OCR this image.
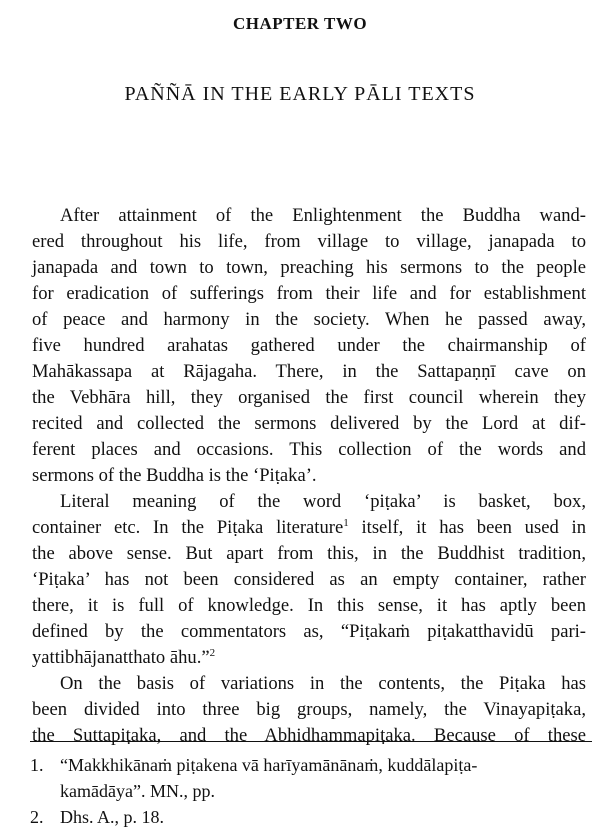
CHAPTER TWO
PAÑÑĀ IN THE EARLY PĀLI TEXTS
After attainment of the Enlightenment the Buddha wand-
ered throughout his life, from village to village, janapada to
janapada and town to town, preaching his sermons to the people
for eradication of sufferings from their life and for establishment
of peace and harmony in the society. When he passed away,
five hundred arahatas gathered under the chairmanship of
Mahākassapa at Rājagaha. There, in the Sattapaṇṇī cave on
the Vebhāra hill, they organised the first council wherein they
recited and collected the sermons delivered by the Lord at dif-
ferent places and occasions. This collection of the words and
sermons of the Buddha is the ‘Piṭaka’.
Literal meaning of the word ‘piṭaka’ is basket, box,
container etc. In the Piṭaka literature$^1$ itself, it has been used in
the above sense. But apart from this, in the Buddhist tradition,
‘Piṭaka’ has not been considered as an empty container, rather
there, it is full of knowledge. In this sense, it has aptly been
defined by the commentators as, “Piṭakaṁ piṭakatthavidū pari-
yattibhājanatthato āhu.”$^2$
On the basis of variations in the contents, the Piṭaka has
been divided into three big groups, namely, the Vinayapiṭaka,
the Suttapiṭaka, and the Abhidhammapiṭaka. Because of these
1. “Makkhikānaṁ piṭakena vā harīyamānānaṁ, kuddālapiṭa-
kamādāya”. MN., pp.
2. Dhs. A., p. 18.
